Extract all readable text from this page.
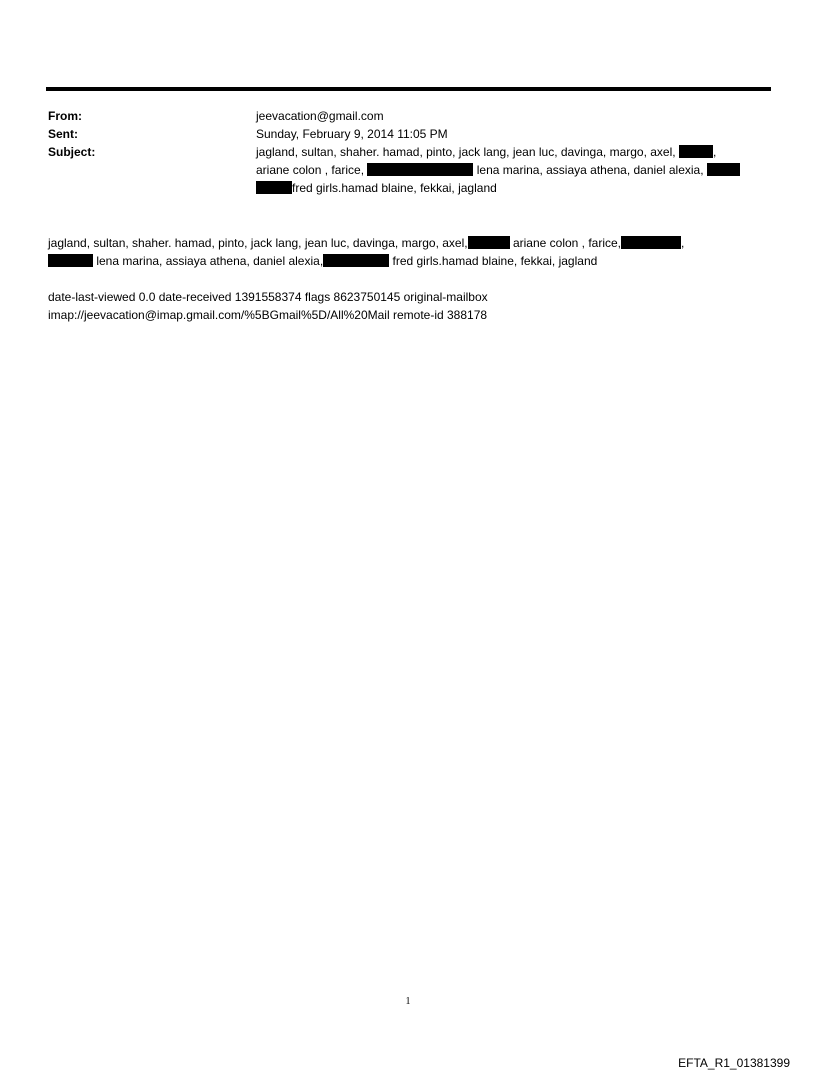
From:	jeevacation@gmail.com
Sent:	Sunday, February 9, 2014 11:05 PM
Subject:	jagland, sultan, shaher. hamad, pinto, jack lang, jean luc, davinga, margo, axel,	,
ariane colon , farice,	lena marina, assiaya athena, daniel alexia,
fred girls.hamad blaine, fekkai, jagland
jagland, sultan, shaher. hamad, pinto, jack lang, jean luc, davinga, margo, axel,	ariane colon , farice,	,
lena marina, assiaya athena, daniel alexia,	fred girls.hamad blaine, fekkai, jagland
date-last-viewed 0.0 date-received 1391558374 flags 8623750145 original-mailbox
imap://jeevacation@imap.gmail.com/%5BGmail%5D/All%20Mail remote-id 388178
1
EFTA_R1_01381399
